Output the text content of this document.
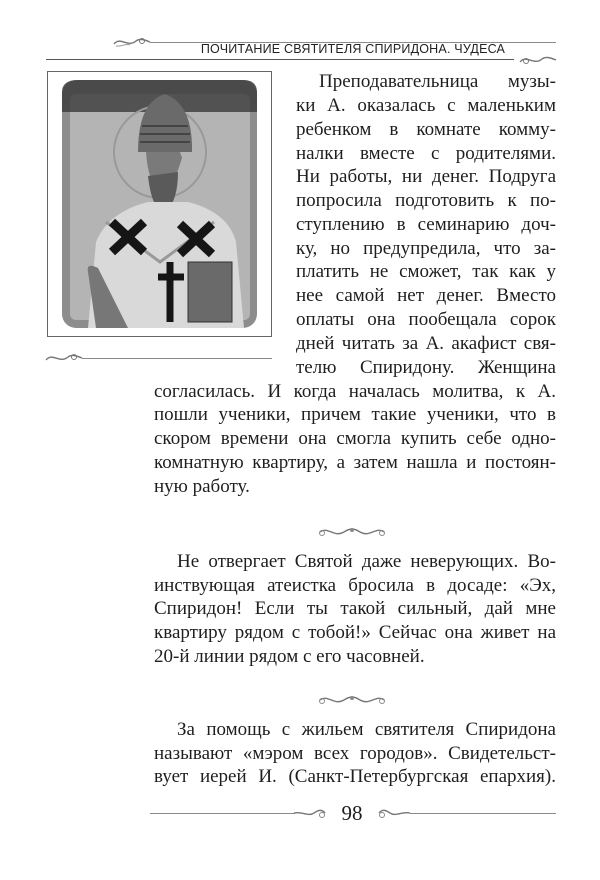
ПОЧИТАНИЕ СВЯТИТЕЛЯ СПИРИДОНА. ЧУДЕСА
Преподавательница музы-
ки А. оказалась с маленьким
ребенком в комнате комму-
налки вместе с родителями.
Ни работы, ни денег. Подруга
попросила подготовить к по-
ступлению в семинарию доч-
ку, но предупредила, что за-
платить не сможет, так как у
нее самой нет денег. Вместо
оплаты она пообещала сорок
дней читать за А. акафист свя-
телю Спиридону. Женщина
согласилась. И когда началась молитва, к А.
пошли ученики, причем такие ученики, что в
скором времени она смогла купить себе одно-
комнатную квартиру, а затем нашла и постоян-
ную работу.
Не отвергает Святой даже неверующих. Во-
инствующая атеистка бросила в досаде: «Эх,
Спиридон! Если ты такой сильный, дай мне
квартиру рядом с тобой!» Сейчас она живет на
20-й линии рядом с его часовней.
За помощь с жильем святителя Спиридона
называют «мэром всех городов». Свидетельст-
вует иерей И. (Санкт-Петербургская епархия).
98
